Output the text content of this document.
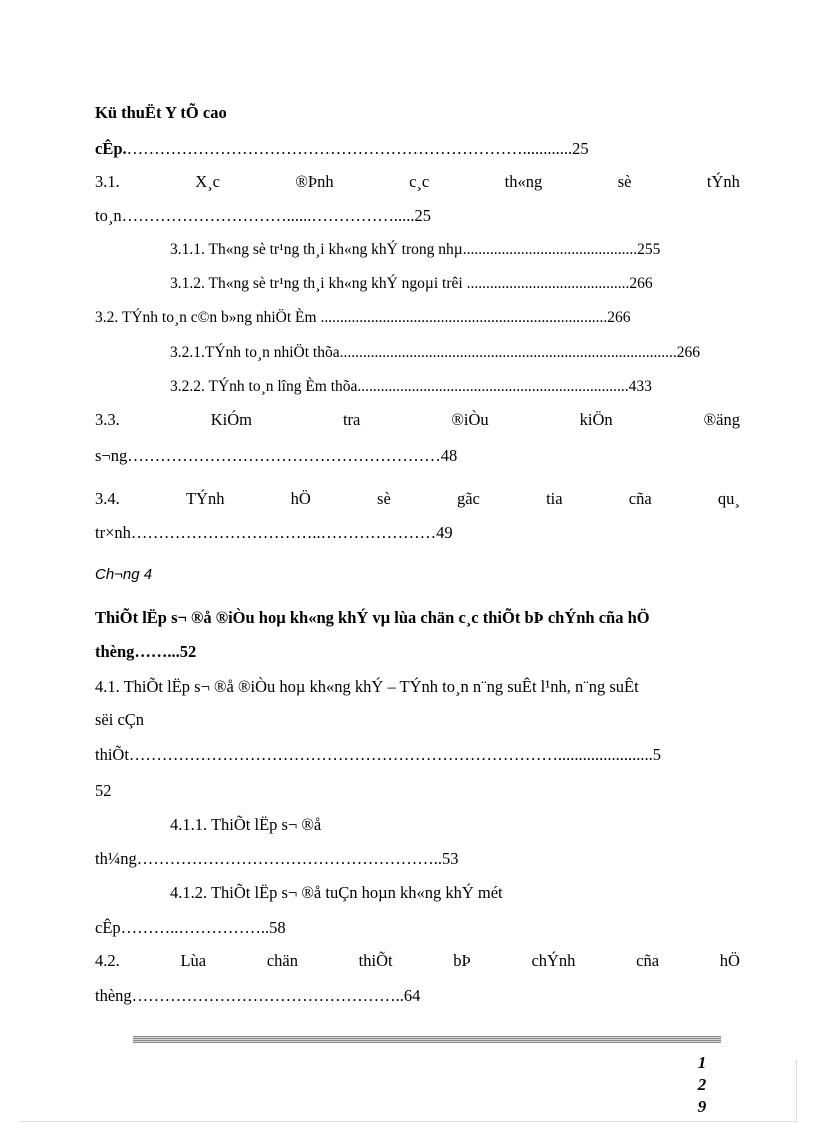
Kü thuËt Y tÕ cao
cÊp.………………………………………………………………............25
3.1.	X¸c	®Þnh	c¸c	th«ng	sè	tÝnh
to¸n…………………………......…………….....25
3.1.1. Th«ng sè tr¹ng th¸i kh«ng khÝ trong nhµ.............................................255
3.1.2. Th«ng sè tr¹ng th¸i kh«ng khÝ ngoµi trêi ..........................................266
3.2. TÝnh to¸n c©n b»ng nhiÖt Èm ..........................................................................266
3.2.1.TÝnh to¸n nhiÖt thõa.......................................................................................266
3.2.2. TÝnh to¸n lîng Èm thõa......................................................................433
3.3.	KiÓm	tra	®iÒu	kiÖn	®äng
s¬ng…………………………………………………48
3.4.	TÝnh	hÖ	sè	gãc	tia	cña	qu¸
tr×nh……………………………..…………………49
Ch¬ng 4
ThiÕt lËp s¬ ®å ®iÒu hoµ kh«ng khÝ vµ lùa chän c¸c thiÕt bÞ chÝnh cña hÖ
thèng……...52
4.1. ThiÕt lËp s¬ ®å ®iÒu hoµ kh«ng khÝ – TÝnh to¸n n¨ng suÊt l¹nh, n¨ng suÊt
sëi cÇn
thiÕt…………………………………………………………………….......................5
52
4.1.1. ThiÕt lËp s¬ ®å
th¼ng………………………………………………..53
4.1.2. ThiÕt lËp s¬ ®å tuÇn hoµn kh«ng khÝ mét
cÊp………..……………..58
4.2.	Lùa	chän	thiÕt	bÞ	chÝnh	cña	hÖ
thèng…………………………………………..64
1
2
9
